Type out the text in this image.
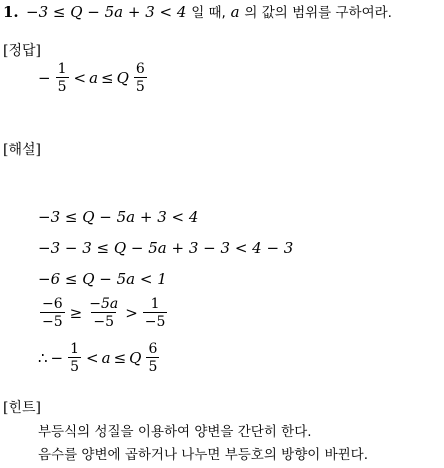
1. −3 ≤ Q − 5a + 3 < 4 일 때, a 의 값의 범위를 구하여라.
[정답]
− $\frac{1}{5} < a \le Q \frac{6}{5}$
[해설]
−3 ≤ Q − 5a + 3 < 4
−3 − 3 ≤ Q − 5a + 3 − 3 < 4 − 3
−6 ≤ Q − 5a < 1
$\frac{-6}{-5} \ge \frac{-5a}{-5} > \frac{1}{-5}$
∴ − $\frac{1}{5} < a \le Q \frac{6}{5}$
[힌트]
부등식의 성질을 이용하여 양변을 간단히 한다.
음수를 양변에 곱하거나 나누면 부등호의 방향이 바뀐다.
